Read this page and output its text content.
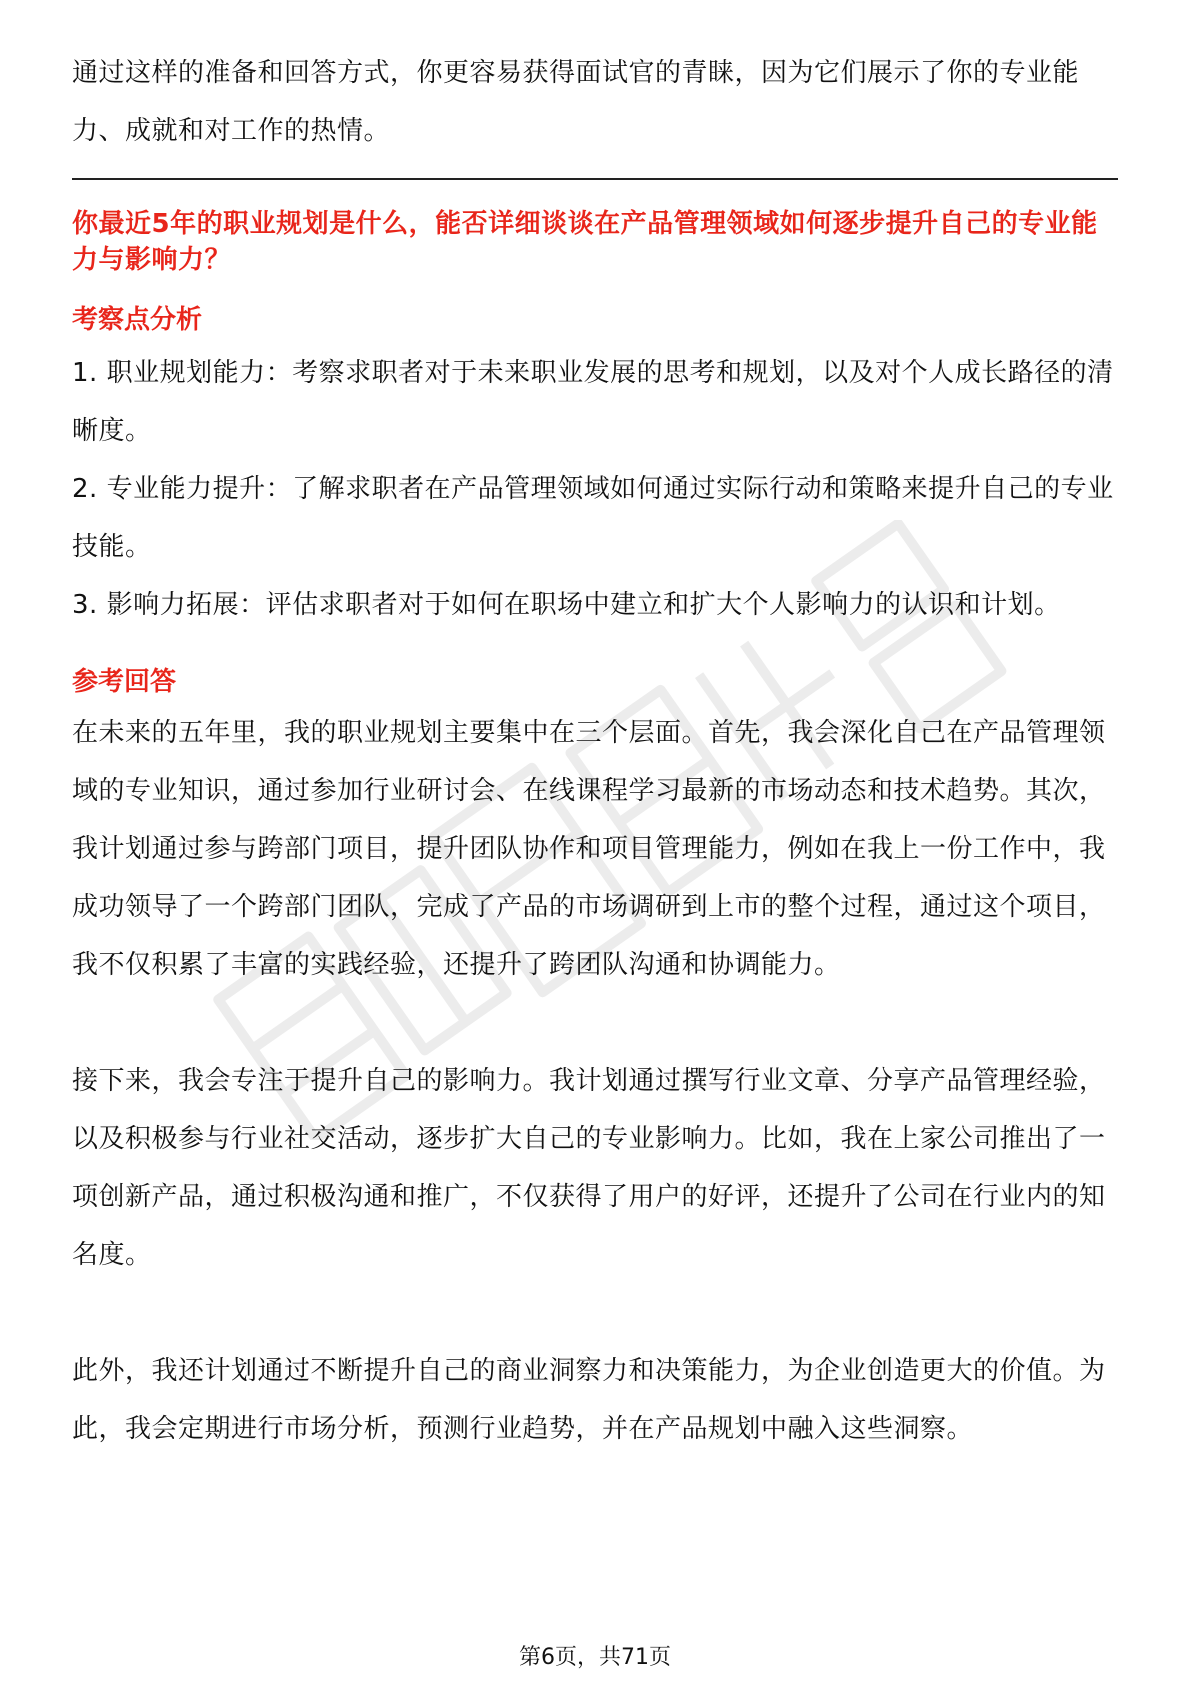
通过这样的准备和回答方式，你更容易获得面试官的青睐，因为它们展示了你的专业能力、成就和对工作的热情。

你最近5年的职业规划是什么，能否详细谈谈在产品管理领域如何逐步提升自己的专业能力与影响力？

考察点分析

1. 职业规划能力：考察求职者对于未来职业发展的思考和规划，以及对个人成长路径的清晰度。
2. 专业能力提升：了解求职者在产品管理领域如何通过实际行动和策略来提升自己的专业技能。
3. 影响力拓展：评估求职者对于如何在职场中建立和扩大个人影响力的认识和计划。

参考回答

在未来的五年里，我的职业规划主要集中在三个层面。首先，我会深化自己在产品管理领域的专业知识，通过参加行业研讨会、在线课程学习最新的市场动态和技术趋势。其次，我计划通过参与跨部门项目，提升团队协作和项目管理能力，例如在我上一份工作中，我成功领导了一个跨部门团队，完成了产品的市场调研到上市的整个过程，通过这个项目，我不仅积累了丰富的实践经验，还提升了跨团队沟通和协调能力。

接下来，我会专注于提升自己的影响力。我计划通过撰写行业文章、分享产品管理经验，以及积极参与行业社交活动，逐步扩大自己的专业影响力。比如，我在上家公司推出了一项创新产品，通过积极沟通和推广，不仅获得了用户的好评，还提升了公司在行业内的知名度。

此外，我还计划通过不断提升自己的商业洞察力和决策能力，为企业创造更大的价值。为此，我会定期进行市场分析，预测行业趋势，并在产品规划中融入这些洞察。

第6页，共71页
